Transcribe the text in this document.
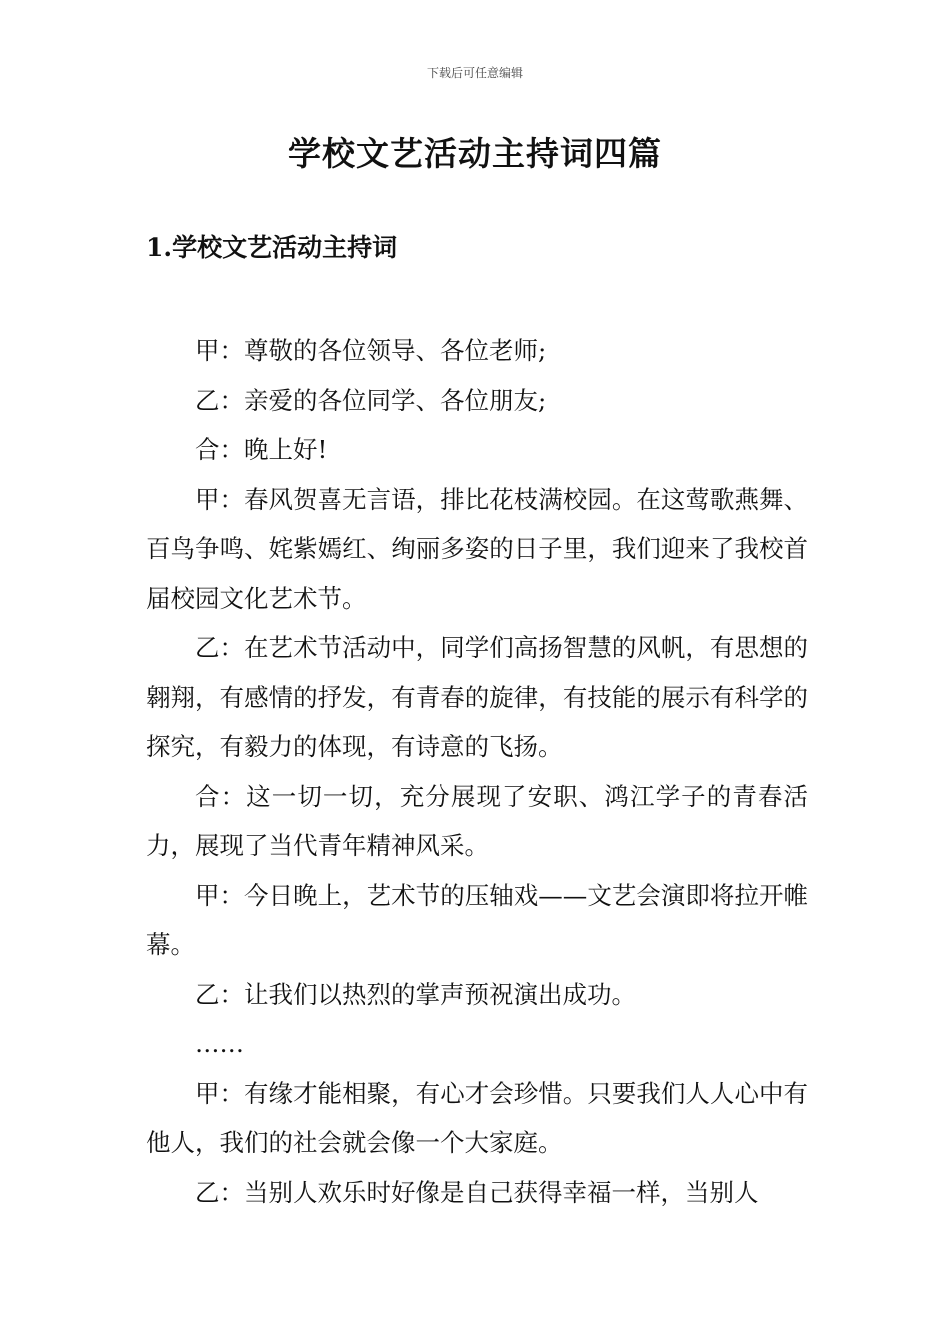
下载后可任意编辑
学校文艺活动主持词四篇
1.学校文艺活动主持词

甲：尊敬的各位领导、各位老师;

乙：亲爱的各位同学、各位朋友;

合：晚上好!

甲：春风贺喜无言语，排比花枝满校园。在这莺歌燕舞、百鸟争鸣、姹紫嫣红、绚丽多姿的日子里，我们迎来了我校首届校园文化艺术节。

乙：在艺术节活动中，同学们高扬智慧的风帆，有思想的翱翔，有感情的抒发，有青春的旋律，有技能的展示有科学的探究，有毅力的体现，有诗意的飞扬。

合：这一切一切，充分展现了安职、鸿江学子的青春活力，展现了当代青年精神风采。

甲：今日晚上，艺术节的压轴戏——文艺会演即将拉开帷幕。

乙：让我们以热烈的掌声预祝演出成功。

……

甲：有缘才能相聚，有心才会珍惜。只要我们人人心中有他人，我们的社会就会像一个大家庭。

乙：当别人欢乐时好像是自己获得幸福一样，当别人
